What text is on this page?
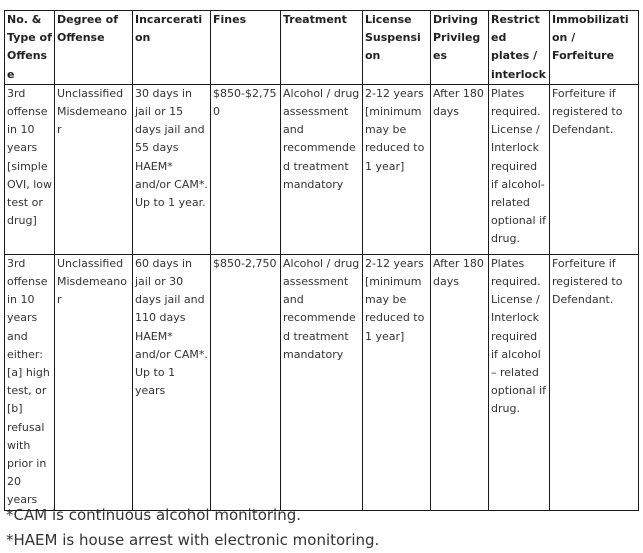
No. & Type of Offense	Degree of Offense	Incarceration	Fines	Treatment	License Suspension	Driving Privileges	Restricted plates / interlock	Immobilization / Forfeiture
3rd offense in 10 years [simple OVI, low test or drug]	Unclassified Misdemeanor	30 days in jail or 15 days jail and 55 days HAEM* and/or CAM*. Up to 1 year.	$850-$2,750	Alcohol / drug assessment and recommended treatment mandatory	2-12 years [minimum may be reduced to 1 year]	After 180 days	Plates required. License / Interlock required if alcohol-related optional if drug.	Forfeiture if registered to Defendant.
3rd offense in 10 years and either: [a] high test, or [b] refusal with prior in 20 years	Unclassified Misdemeanor	60 days in jail or 30 days jail and 110 days HAEM* and/or CAM*. Up to 1 years	$850-2,750	Alcohol / drug assessment and recommended treatment mandatory	2-12 years [minimum may be reduced to 1 year]	After 180 days	Plates required. License / Interlock required if alcohol – related optional if drug.	Forfeiture if registered to Defendant.
*CAM is continuous alcohol monitoring.
*HAEM is house arrest with electronic monitoring.
